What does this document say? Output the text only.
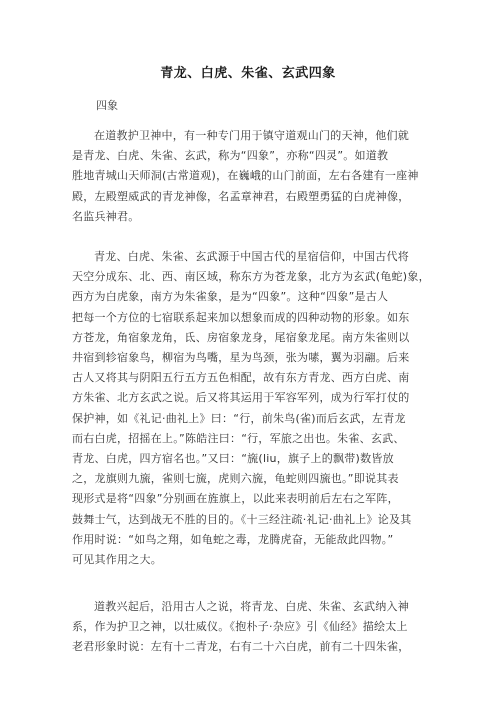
青龙、白虎、朱雀、玄武四象
四象

在道教护卫神中，有一种专门用于镇守道观山门的天神，他们就
是青龙、白虎、朱雀、玄武，称为“四象”，亦称“四灵”。如道教
胜地青城山天师洞(古常道观)，在巍峨的山门前面，左右各建有一座神
殿，左殿塑威武的青龙神像，名孟章神君，右殿塑勇猛的白虎神像，
名监兵神君。

青龙、白虎、朱雀、玄武源于中国古代的星宿信仰，中国古代将
天空分成东、北、西、南区域，称东方为苍龙象，北方为玄武(龟蛇)象，
西方为白虎象，南方为朱雀象，是为“四象”。这种“四象”是古人
把每一个方位的七宿联系起来加以想象而成的四种动物的形象。如东
方苍龙，角宿象龙角，氐、房宿象龙身，尾宿象龙尾。南方朱雀则以
井宿到轸宿象鸟，柳宿为鸟嘴，星为鸟颈，张为嗉，翼为羽翮。后来
古人又将其与阴阳五行五方五色相配，故有东方青龙、西方白虎、南
方朱雀、北方玄武之说。后又将其运用于军容军列，成为行军打仗的
保护神，如《礼记·曲礼上》曰：“行，前朱鸟(雀)而后玄武，左青龙
而右白虎，招摇在上。”陈皓注曰：“行，军旅之出也。朱雀、玄武、
青龙、白虎，四方宿名也。”又曰：“旒(liu，旗子上的飘带)数皆放
之，龙旗则九旒，雀则七旒，虎则六旒，龟蛇则四旒也。”即说其表
现形式是将“四象”分别画在旌旗上，以此来表明前后左右之军阵，
鼓舞士气，达到战无不胜的目的。《十三经注疏·礼记·曲礼上》论及其
作用时说：“如鸟之翔，如龟蛇之毒，龙腾虎奋，无能敌此四物。”
可见其作用之大。

道教兴起后，沿用古人之说，将青龙、白虎、朱雀、玄武纳入神
系，作为护卫之神，以壮威仪。《抱朴子·杂应》引《仙经》描绘太上
老君形象时说：左有十二青龙，右有二十六白虎，前有二十四朱雀，
